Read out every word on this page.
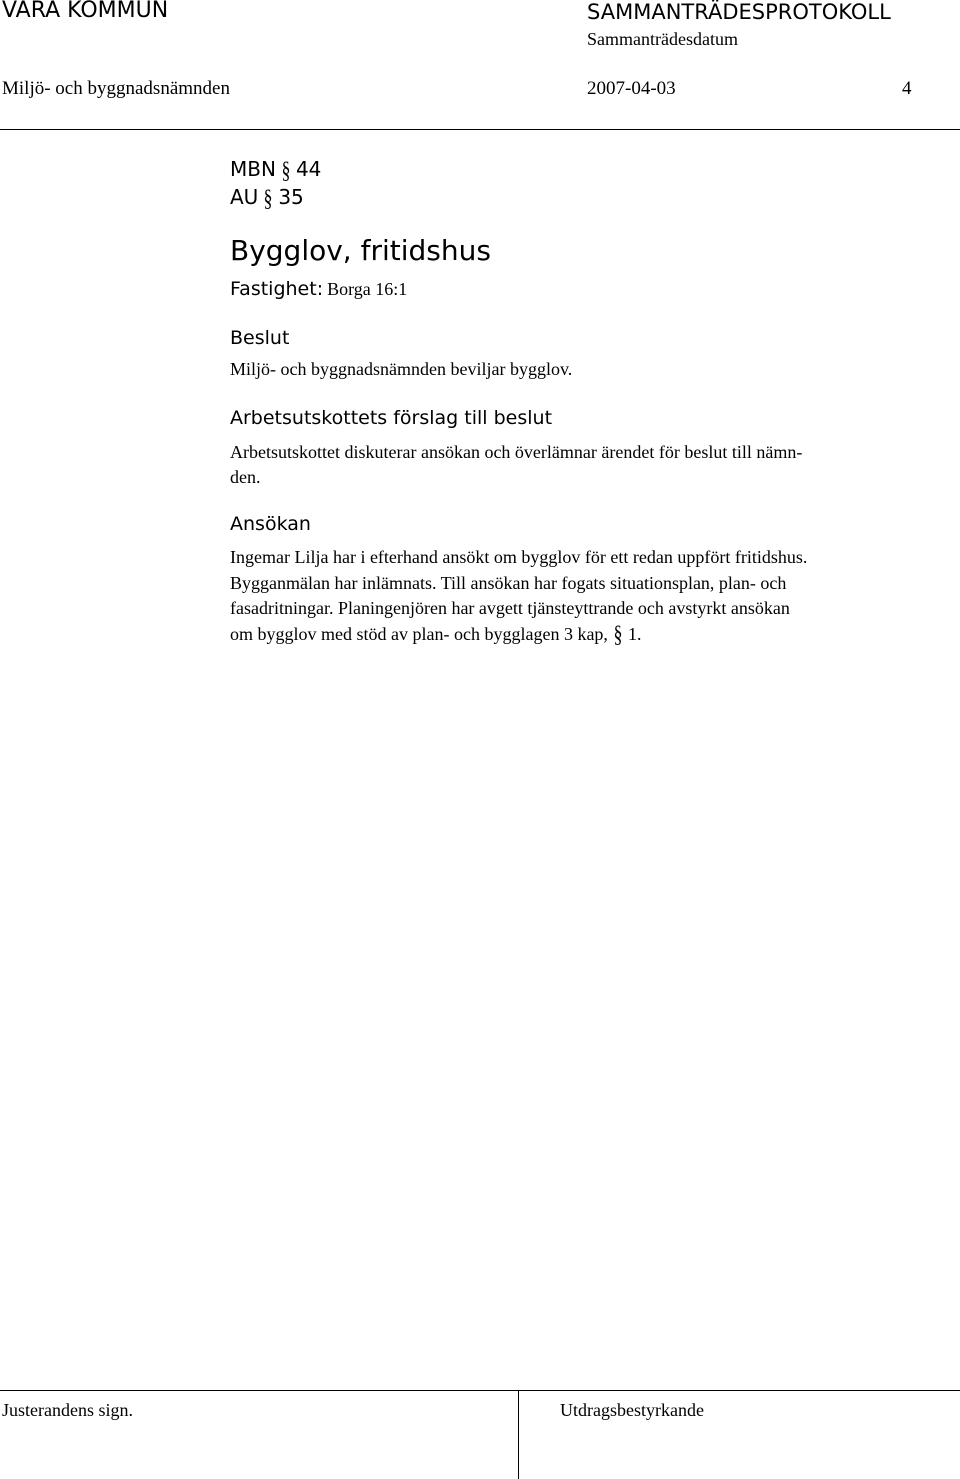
VARA KOMMUN	SAMMANTRÄDESPROTOKOLL
Sammanträdesdatum
Miljö- och byggnadsnämnden	2007-04-03	4
MBN § 44
AU § 35
Bygglov, fritidshus
Fastighet: Borga 16:1
Beslut
Miljö- och byggnadsnämnden beviljar bygglov.
Arbetsutskottets förslag till beslut
Arbetsutskottet diskuterar ansökan och överlämnar ärendet för beslut till nämn-
den.
Ansökan
Ingemar Lilja har i efterhand ansökt om bygglov för ett redan uppfört fritidshus.
Bygganmälan har inlämnats. Till ansökan har fogats situationsplan, plan- och
fasadritningar. Planingenjören har avgett tjänsteyttrande och avstyrkt ansökan
om bygglov med stöd av plan- och bygglagen 3 kap, § 1.
Justerandens sign.	Utdragsbestyrkande
